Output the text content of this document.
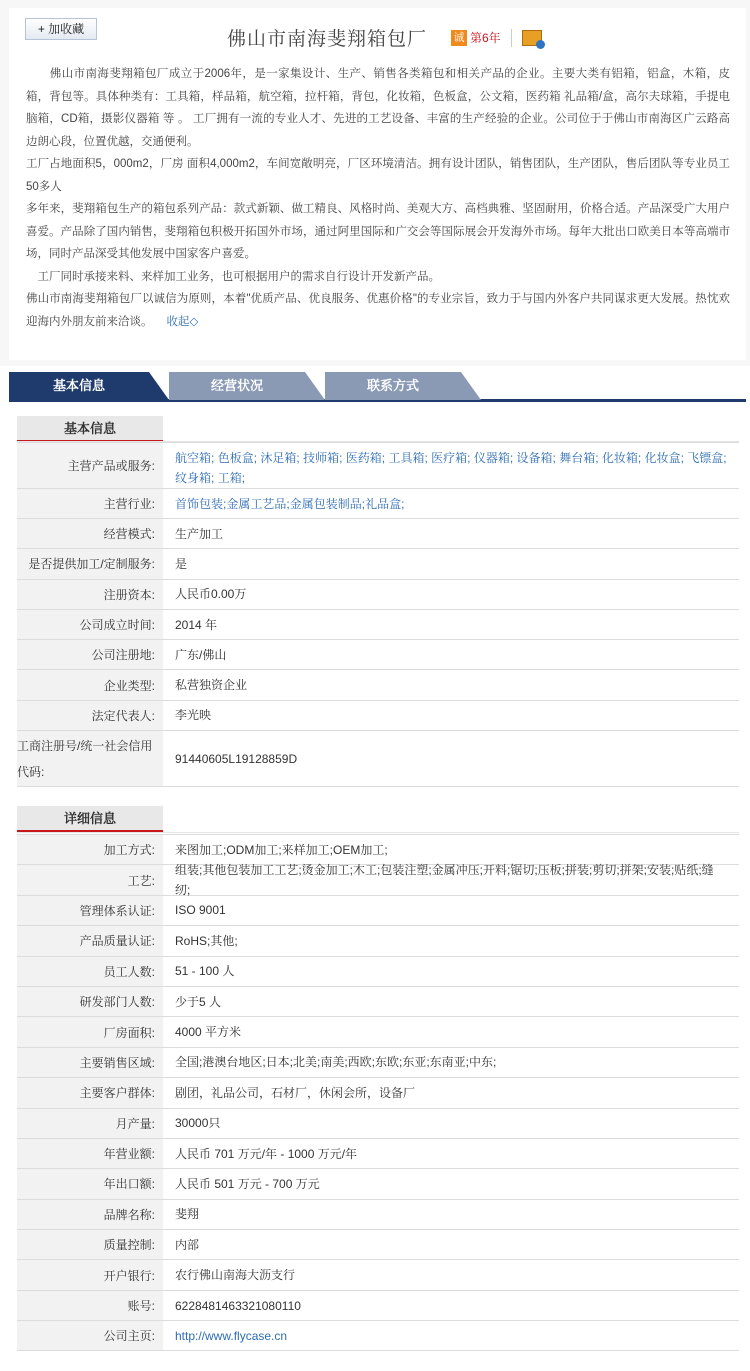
+ 加收藏	佛山市南海斐翔箱包厂 诚 第6年

　　佛山市南海斐翔箱包厂成立于2006年，是一家集设计、生产、销售各类箱包和相关产品的企业。主要大类有铝箱，铝盒，木箱，皮箱，背包等。具体种类有：工具箱，样品箱，航空箱，拉杆箱，背包，化妆箱，色板盒，公文箱，医药箱 礼品箱/盒，高尔夫球箱，手提电脑箱，CD箱，摄影仪器箱 等 。 工厂拥有一流的专业人才、先进的工艺设备、丰富的生产经验的企业。公司位于于佛山市南海区广云路高边朗心段，位置优越，交通便利。

工厂占地面积5，000m2，厂房 面积4,000m2，车间宽敞明亮，厂区环境清洁。拥有设计团队，销售团队，生产团队，售后团队等专业员工50多人

多年来，斐翔箱包生产的箱包系列产品：款式新颖、做工精良、风格时尚、美观大方、高档典雅、坚固耐用，价格合适。产品深受广大用户喜爱。产品除了国内销售，斐翔箱包积极开拓国外市场，通过阿里国际和广交会等国际展会开发海外市场。每年大批出口欧美日本等高端市场，同时产品深受其他发展中国家客户喜爱。

　工厂同时承接来料、来样加工业务，也可根据用户的需求自行设计开发新产品。

佛山市南海斐翔箱包厂以诚信为原则，本着"优质产品、优良服务、优惠价格"的专业宗旨，致力于与国内外客户共同谋求更大发展。热忱欢迎海内外朋友前来洽谈。 收起◇

基本信息	经营状况	联系方式
基本信息
主营产品或服务:
航空箱; 色板盒; 沐足箱; 技师箱; 医药箱; 工具箱; 医疗箱; 仪器箱; 设备箱; 舞台箱; 化妆箱; 化妆盒; 飞镖盒; 纹身箱; 工箱;
主营行业:	首饰包装 ; 金属工艺品 ; 金属包装制品 ; 礼品盒 ;
经营模式:	生产加工
是否提供加工/定制服务:	是
注册资本:	人民币0.00万
公司成立时间:	2014 年
公司注册地:	广东/佛山
企业类型:	私营独资企业
法定代表人:	李光映
工商注册号/统一社会信用代码:
91440605L19128859D
详细信息
加工方式:	来图加工;ODM加工;来样加工;OEM加工;
工艺:
组装;其他包装加工工艺;烫金加工;木工;包装注塑;金属冲压;开料;锯切;压板;拼装;剪切;拼架;安装;贴纸;缝纫;
管理体系认证:	ISO 9001
产品质量认证:	RoHS;其他;
员工人数:	51 - 100 人
研发部门人数:	少于5 人
厂房面积:	4000 平方米
主要销售区域:	全国;港澳台地区;日本;北美;南美;西欧;东欧;东亚;东南亚;中东;
主要客户群体:	剧团，礼品公司，石材厂，休闲会所，设备厂
月产量:	30000只
年营业额:	人民币 701 万元/年 - 1000 万元/年
年出口额:	人民币 501 万元 - 700 万元
品牌名称:	斐翔
质量控制:	内部
开户银行:	农行佛山南海大沥支行
账号:	6228481463321080110
公司主页:	http://www.flycase.cn
